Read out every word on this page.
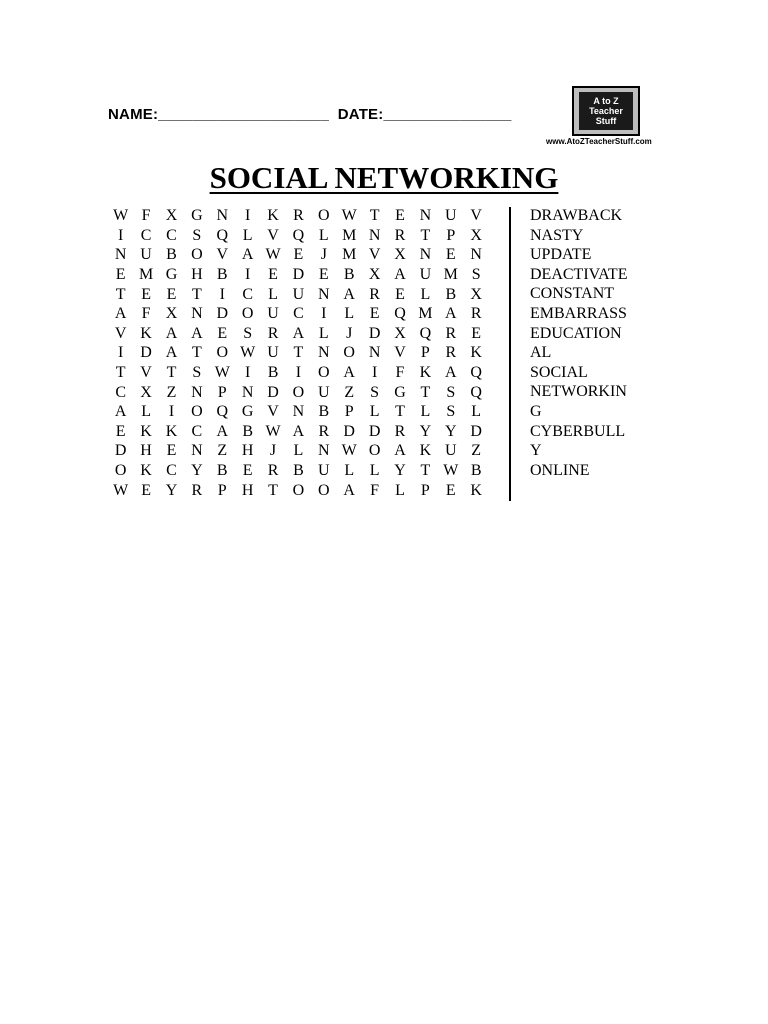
NAME:____________________  DATE:_______________
A to Z
Teacher
Stuff
www.AtoZTeacherStuff.com
SOCIAL NETWORKING
W F X G N	I	K R O W T E N U V
I	C C S Q L V Q L M N R T	P X
N U B O V A W E	J M V X N E N
E M G H B	I	E D E B X A U M S
T E E T	I	C L U N A R E L B X
A F X N D O U C	I	L E Q M A R
V K A A E	S R A L	J	D X Q R E
I	D A T O W U T N O N V P R K
T V T	S W I	B	I	O A	I	F K A Q
C X Z N P N D O U Z	S G T	S Q
A L	I	O Q G V N B P	L T L	S	L
E K K C A B W A R D D R Y Y D
D H E N Z H	J	L N W O A K U Z
O K C Y B E R B U L L Y T W B
W E Y R P H T O O A F	L	P	E K
DRAWBACK
NASTY
UPDATE
DEACTIVATE
CONSTANT
EMBARRASS
EDUCATION
AL
SOCIAL
NETWORKIN
G
CYBERBULL
Y
ONLINE
